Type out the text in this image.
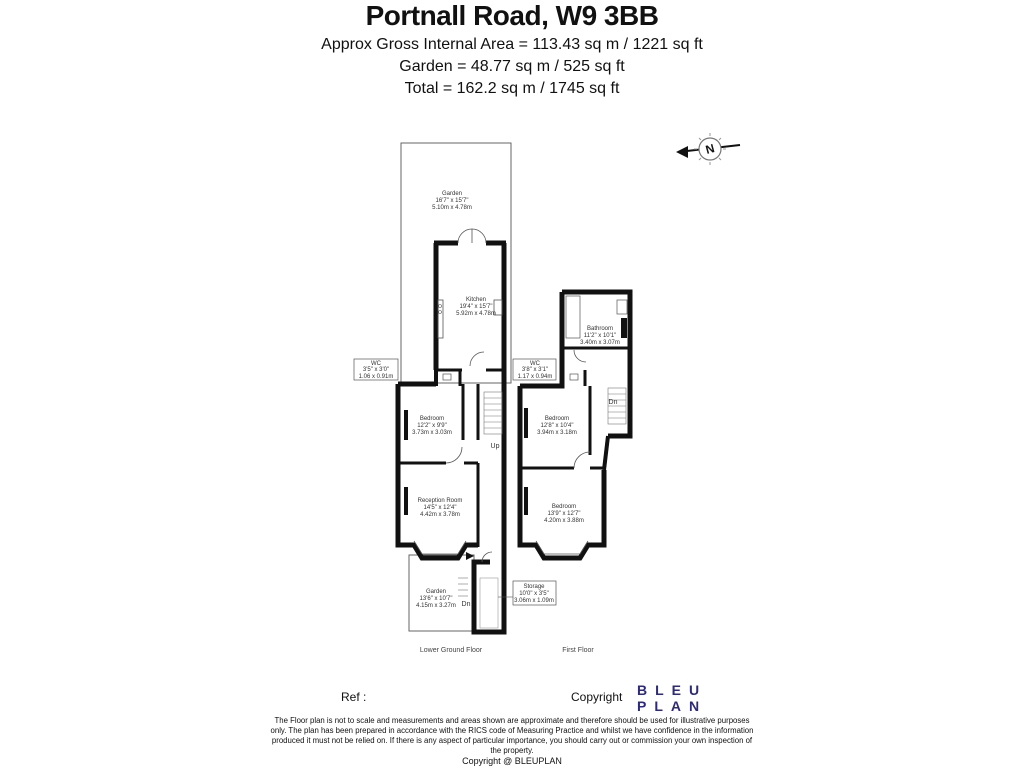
Portnall Road, W9 3BB
Approx Gross Internal Area = 113.43 sq m / 1221 sq ft
Garden = 48.77 sq m / 525 sq ft
Total = 162.2 sq m / 1745 sq ft
N
Garden
16'7" x 15'7"
5.10m x 4.78m
Kitchen
19'4" x 15'7"
5.92m x 4.78m
WC
3'5" x 3'0"
1.06 x 0.91m
Bedroom
12'2" x 9'9"
3.73m x 3.03m
Reception Room
14'5" x 12'4"
4.42m x 3.78m
Garden
13'6" x 10'7"
4.15m x 3.27m
Storage
10'0" x 3'5"
3.06m x 1.09m
Bathroom
11'2" x 10'1"
3.40m x 3.07m
WC
3'8" x 3'1"
1.17 x 0.94m
Bedroom
12'8" x 10'4"
3.94m x 3.18m
Bedroom
13'9" x 12'7"
4.20m x 3.88m
Up
Dn
Dn
Lower Ground Floor	First Floor
Ref :	Copyright BLEU
PLAN
The Floor plan is not to scale and measurements and areas shown are approximate and therefore should be used for illustrative purposes only. The plan has been prepared in accordance with the RICS code of Measuring Practice and whilst we have confidence in the information produced it must not be relied on. If there is any aspect of particular importance, you should carry out or commission your own inspection of the property.
Copyright @ BLEUPLAN
